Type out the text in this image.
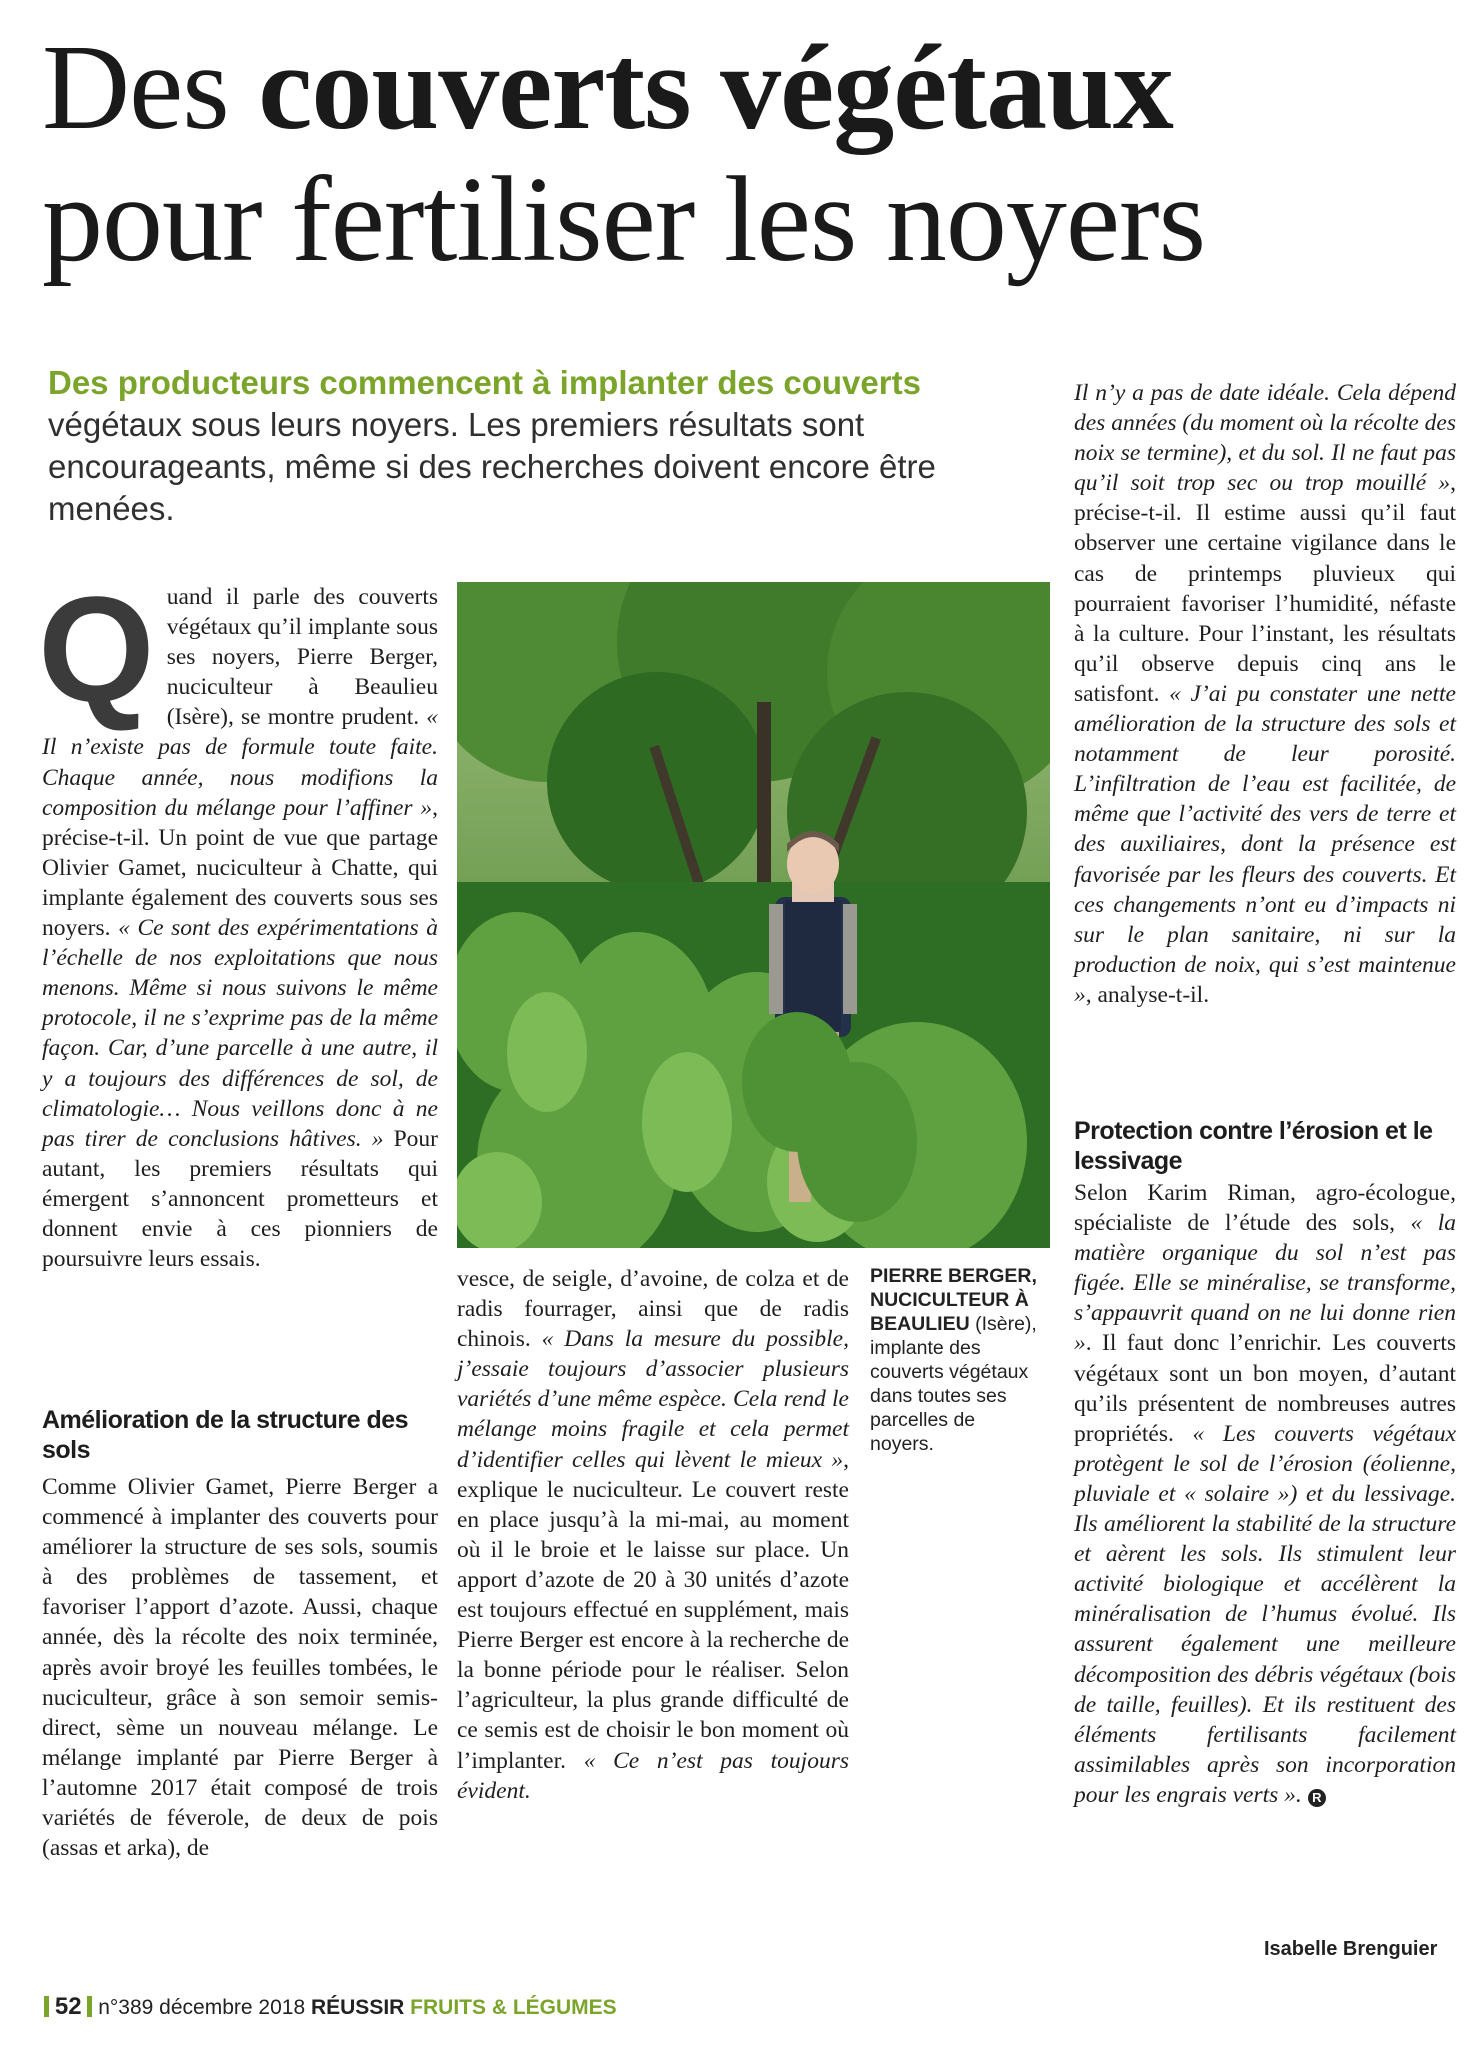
Des couverts végétaux
pour fertiliser les noyers
Des producteurs commencent à implanter des couverts végétaux sous leurs noyers. Les premiers résultats sont encourageants, même si des recherches doivent encore être menées.

Quand il parle des couverts végétaux qu’il implante sous ses noyers, Pierre Berger, nuciculteur à Beaulieu (Isère), se montre prudent. « Il n’existe pas de formule toute faite. Chaque année, nous modifions la composition du mélange pour l’affiner », précise-t-il. Un point de vue que partage Olivier Gamet, nuciculteur à Chatte, qui implante également des couverts sous ses noyers. « Ce sont des expérimentations à l’échelle de nos exploitations que nous menons. Même si nous suivons le même protocole, il ne s’exprime pas de la même façon. Car, d’une parcelle à une autre, il y a toujours des différences de sol, de climatologie… Nous veillons donc à ne pas tirer de conclusions hâtives. » Pour autant, les premiers résultats qui émergent s’annoncent prometteurs et donnent envie à ces pionniers de poursuivre leurs essais.

Amélioration de la structure des sols

Comme Olivier Gamet, Pierre Berger a commencé à implanter des couverts pour améliorer la structure de ses sols, soumis à des problèmes de tassement, et favoriser l’apport d’azote. Aussi, chaque année, dès la récolte des noix terminée, après avoir broyé les feuilles tombées, le nuciculteur, grâce à son semoir semis-direct, sème un nouveau mélange. Le mélange implanté par Pierre Berger à l’automne 2017 était composé de trois variétés de féverole, de deux de pois (assas et arka), de

vesce, de seigle, d’avoine, de colza et de radis fourrager, ainsi que de radis chinois. « Dans la mesure du possible, j’essaie toujours d’associer plusieurs variétés d’une même espèce. Cela rend le mélange moins fragile et cela permet d’identifier celles qui lèvent le mieux », explique le nuciculteur. Le couvert reste en place jusqu’à la mi-mai, au moment où il le broie et le laisse sur place. Un apport d’azote de 20 à 30 unités d’azote est toujours effectué en supplément, mais Pierre Berger est encore à la recherche de la bonne période pour le réaliser. Selon l’agriculteur, la plus grande difficulté de ce semis est de choisir le bon moment où l’implanter. « Ce n’est pas toujours évident.

PIERRE BERGER, NUCICULTEUR À BEAULIEU (Isère), implante des couverts végétaux dans toutes ses parcelles de noyers.

Il n’y a pas de date idéale. Cela dépend des années (du moment où la récolte des noix se termine), et du sol. Il ne faut pas qu’il soit trop sec ou trop mouillé », précise-t-il. Il estime aussi qu’il faut observer une certaine vigilance dans le cas de printemps pluvieux qui pourraient favoriser l’humidité, néfaste à la culture. Pour l’instant, les résultats qu’il observe depuis cinq ans le satisfont. « J’ai pu constater une nette amélioration de la structure des sols et notamment de leur porosité. L’infiltration de l’eau est facilitée, de même que l’activité des vers de terre et des auxiliaires, dont la présence est favorisée par les fleurs des couverts. Et ces changements n’ont eu d’impacts ni sur le plan sanitaire, ni sur la production de noix, qui s’est maintenue », analyse-t-il.

Protection contre l’érosion et le lessivage

Selon Karim Riman, agro-écologue, spécialiste de l’étude des sols, « la matière organique du sol n’est pas figée. Elle se minéralise, se transforme, s’appauvrit quand on ne lui donne rien ». Il faut donc l’enrichir. Les couverts végétaux sont un bon moyen, d’autant qu’ils présentent de nombreuses autres propriétés. « Les couverts végétaux protègent le sol de l’érosion (éolienne, pluviale et « solaire ») et du lessivage. Ils améliorent la stabilité de la structure et aèrent les sols. Ils stimulent leur activité biologique et accélèrent la minéralisation de l’humus évolué. Ils assurent également une meilleure décomposition des débris végétaux (bois de taille, feuilles). Et ils restituent des éléments fertilisants facilement assimilables après son incorporation pour les engrais verts ». R

Isabelle Brenguier
52 n°389 décembre 2018 RÉUSSIR FRUITS & LÉGUMES
